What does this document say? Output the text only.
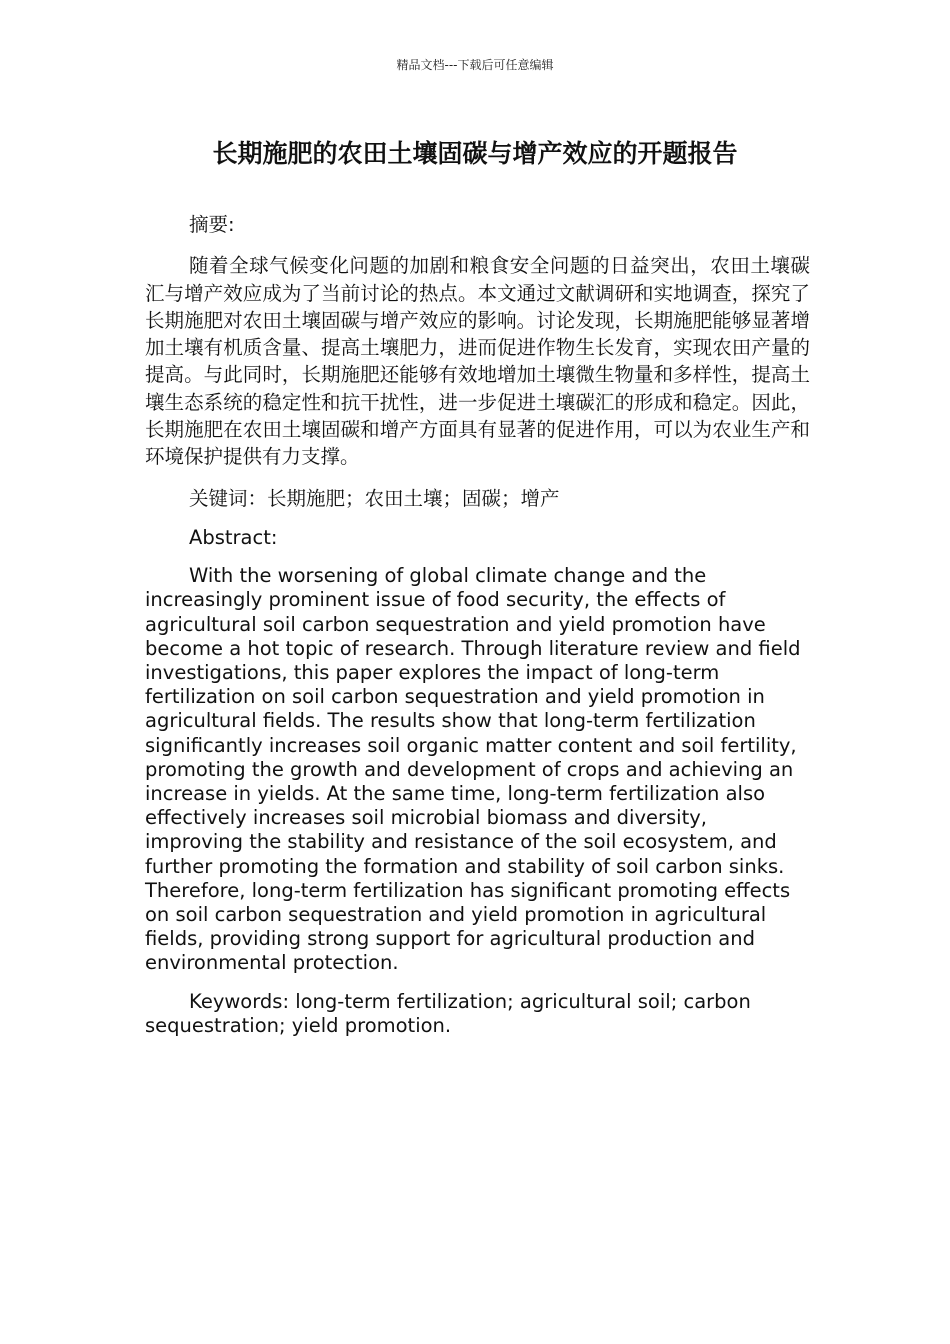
精品文档---下载后可任意编辑
长期施肥的农田土壤固碳与增产效应的开题报告

摘要:

随着全球气候变化问题的加剧和粮食安全问题的日益突出，农田土壤碳汇与增产效应成为了当前讨论的热点。本文通过文献调研和实地调查，探究了长期施肥对农田土壤固碳与增产效应的影响。讨论发现，长期施肥能够显著增加土壤有机质含量、提高土壤肥力，进而促进作物生长发育，实现农田产量的提高。与此同时，长期施肥还能够有效地增加土壤微生物量和多样性，提高土壤生态系统的稳定性和抗干扰性，进一步促进土壤碳汇的形成和稳定。因此，长期施肥在农田土壤固碳和增产方面具有显著的促进作用，可以为农业生产和环境保护提供有力支撑。

关键词：长期施肥；农田土壤；固碳；增产

Abstract:

With the worsening of global climate change and the increasingly prominent issue of food security, the effects of agricultural soil carbon sequestration and yield promotion have become a hot topic of research. Through literature review and field investigations, this paper explores the impact of long-term fertilization on soil carbon sequestration and yield promotion in agricultural fields. The results show that long-term fertilization significantly increases soil organic matter content and soil fertility, promoting the growth and development of crops and achieving an increase in yields. At the same time, long-term fertilization also effectively increases soil microbial biomass and diversity, improving the stability and resistance of the soil ecosystem, and further promoting the formation and stability of soil carbon sinks. Therefore, long-term fertilization has significant promoting effects on soil carbon sequestration and yield promotion in agricultural fields, providing strong support for agricultural production and environmental protection.

Keywords: long-term fertilization; agricultural soil; carbon sequestration; yield promotion.
